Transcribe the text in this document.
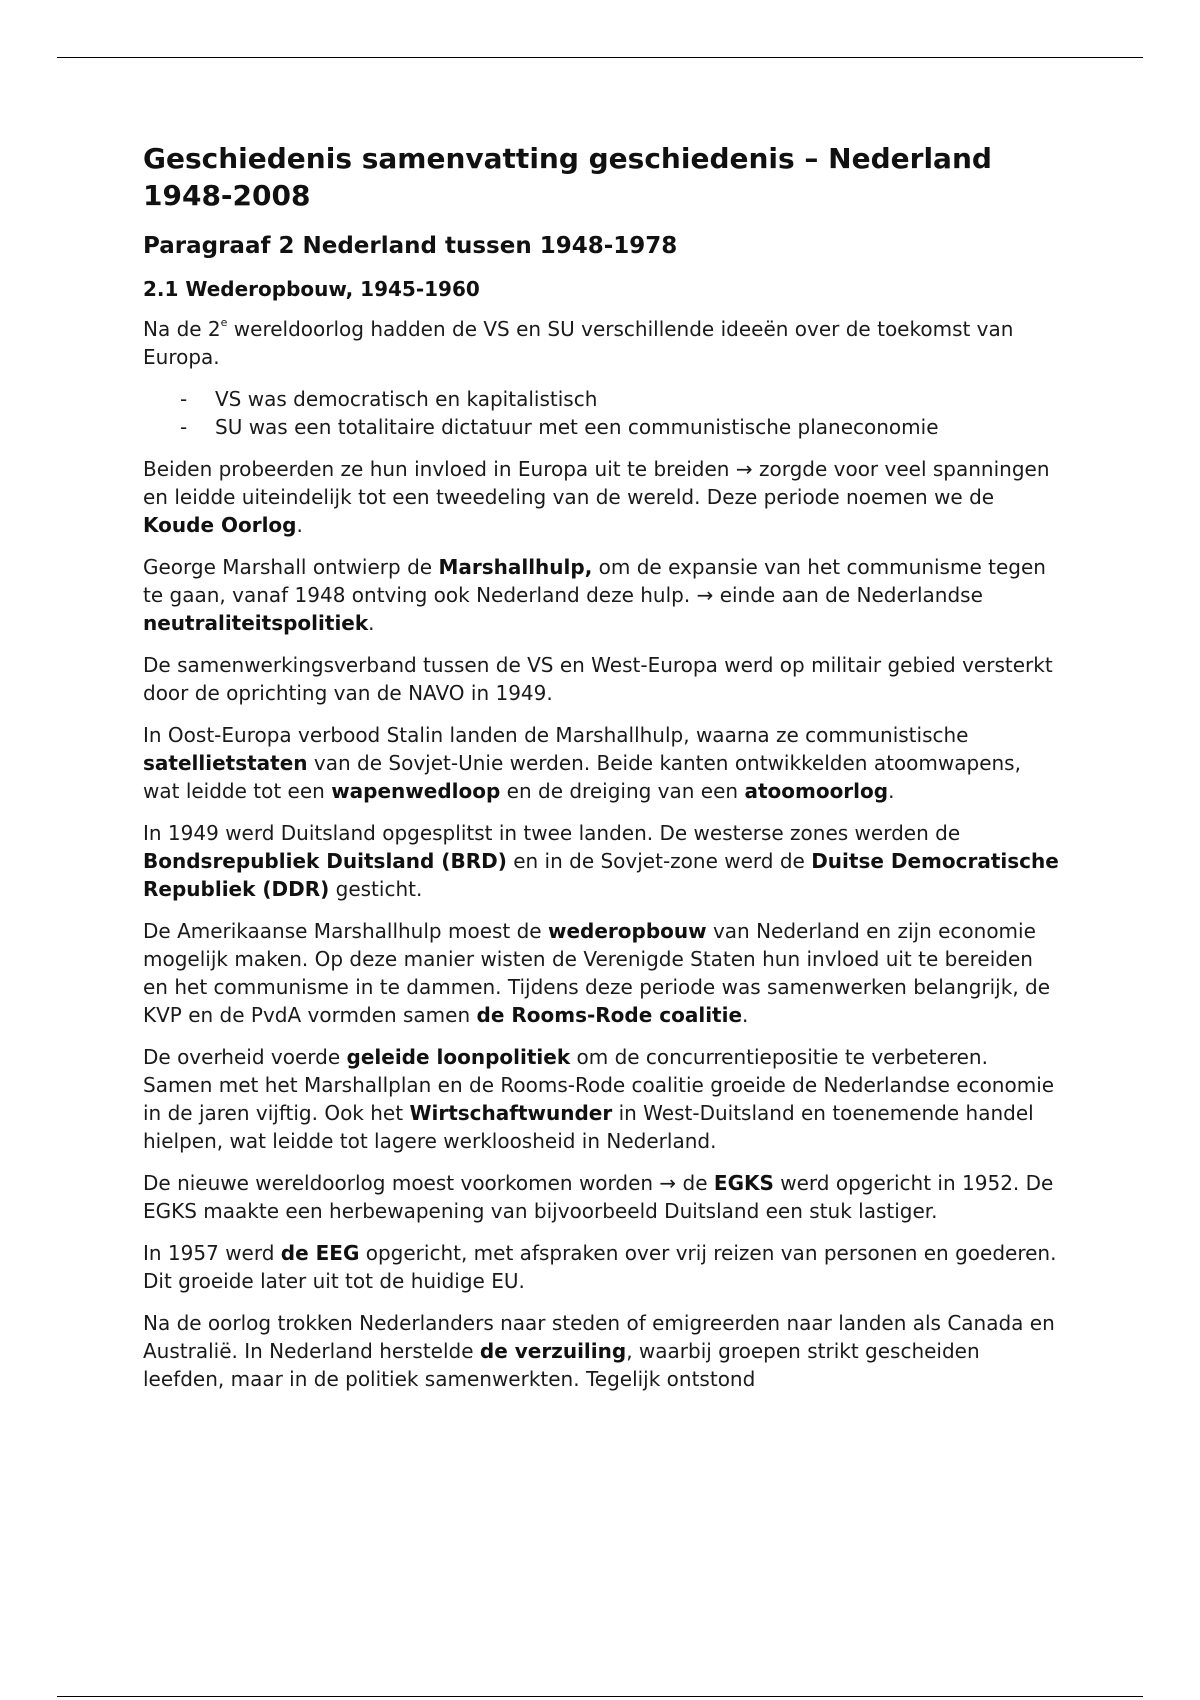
Geschiedenis samenvatting geschiedenis – Nederland 1948-2008
Paragraaf 2 Nederland tussen 1948-1978
2.1 Wederopbouw, 1945-1960

Na de 2e wereldoorlog hadden de VS en SU verschillende ideeën over de toekomst van Europa.

- VS was democratisch en kapitalistisch
- SU was een totalitaire dictatuur met een communistische planeconomie

Beiden probeerden ze hun invloed in Europa uit te breiden → zorgde voor veel spanningen en leidde uiteindelijk tot een tweedeling van de wereld. Deze periode noemen we de Koude Oorlog.

George Marshall ontwierp de Marshallhulp, om de expansie van het communisme tegen te gaan, vanaf 1948 ontving ook Nederland deze hulp. → einde aan de Nederlandse neutraliteitspolitiek.

De samenwerkingsverband tussen de VS en West-Europa werd op militair gebied versterkt door de oprichting van de NAVO in 1949.

In Oost-Europa verbood Stalin landen de Marshallhulp, waarna ze communistische satellietstaten van de Sovjet-Unie werden. Beide kanten ontwikkelden atoomwapens, wat leidde tot een wapenwedloop en de dreiging van een atoomoorlog.

In 1949 werd Duitsland opgesplitst in twee landen. De westerse zones werden de Bondsrepubliek Duitsland (BRD) en in de Sovjet-zone werd de Duitse Democratische Republiek (DDR) gesticht.

De Amerikaanse Marshallhulp moest de wederopbouw van Nederland en zijn economie mogelijk maken. Op deze manier wisten de Verenigde Staten hun invloed uit te bereiden en het communisme in te dammen. Tijdens deze periode was samenwerken belangrijk, de KVP en de PvdA vormden samen de Rooms-Rode coalitie.

De overheid voerde geleide loonpolitiek om de concurrentiepositie te verbeteren. Samen met het Marshallplan en de Rooms-Rode coalitie groeide de Nederlandse economie in de jaren vijftig. Ook het Wirtschaftwunder in West-Duitsland en toenemende handel hielpen, wat leidde tot lagere werkloosheid in Nederland.

De nieuwe wereldoorlog moest voorkomen worden → de EGKS werd opgericht in 1952. De EGKS maakte een herbewapening van bijvoorbeeld Duitsland een stuk lastiger.

In 1957 werd de EEG opgericht, met afspraken over vrij reizen van personen en goederen. Dit groeide later uit tot de huidige EU.

Na de oorlog trokken Nederlanders naar steden of emigreerden naar landen als Canada en Australië. In Nederland herstelde de verzuiling, waarbij groepen strikt gescheiden leefden, maar in de politiek samenwerkten. Tegelijk ontstond
